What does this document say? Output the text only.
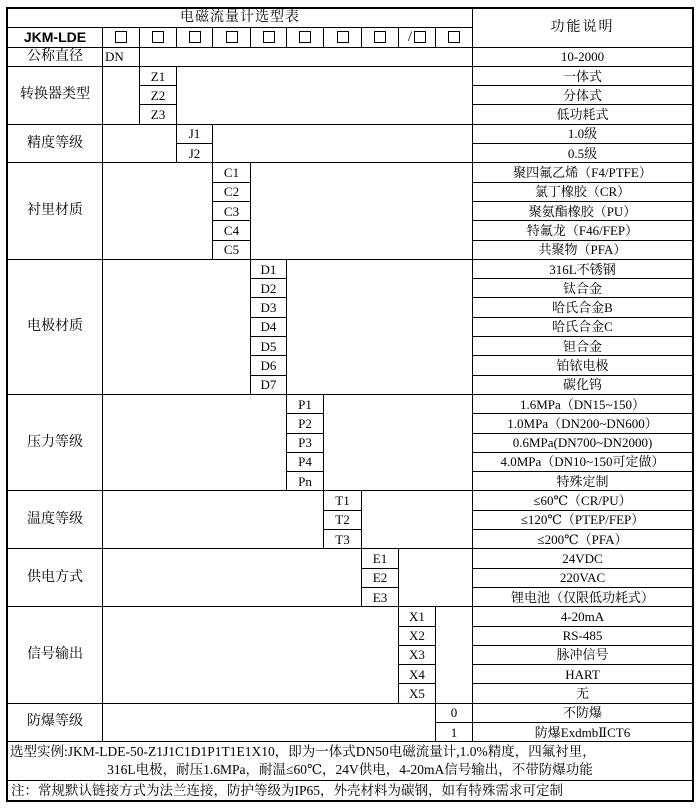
电磁流量计选型表
功能说明
JKM-LDE	/
公称直径	DN	10-2000
转换器类型
Z1	一体式
Z2	分体式
Z3	低功耗式
精度等级
J1	1.0级
J2	0.5级
衬里材质
C1	聚四氟乙烯（F4/PTFE）
C2	氯丁橡胶（CR）
C3	聚氨酯橡胶（PU）
C4	特氟龙（F46/FEP）
C5	共聚物（PFA）
电极材质
D1	316L不锈钢
D2	钛合金
D3	哈氏合金B
D4	哈氏合金C
D5	钽合金
D6	铂铱电极
D7	碳化钨
压力等级
P1	1.6MPa（DN15~150）
P2	1.0MPa（DN200~DN600）
P3	0.6MPa(DN700~DN2000)
P4	4.0MPa（DN10~150可定做）
Pn	特殊定制
温度等级
T1	≤60℃（CR/PU）
T2	≤120℃（PTEP/FEP）
T3	≤200℃（PFA）
供电方式
E1	24VDC
E2	220VAC
E3	锂电池（仅限低功耗式）
信号输出
X1	4-20mA
X2	RS-485
X3	脉冲信号
X4	HART
X5	无
防爆等级
0	不防爆
1	防爆ExdmbⅡCT6
选型实例:JKM-LDE-50-Z1J1C1D1P1T1E1X10，即为一体式DN50电磁流量计,1.0%精度，四氟衬里，
316L电极，耐压1.6MPa，耐温≤60℃，24V供电，4-20mA信号输出，不带防爆功能
注：常规默认链接方式为法兰连接，防护等级为IP65，外壳材料为碳钢，如有特殊需求可定制
